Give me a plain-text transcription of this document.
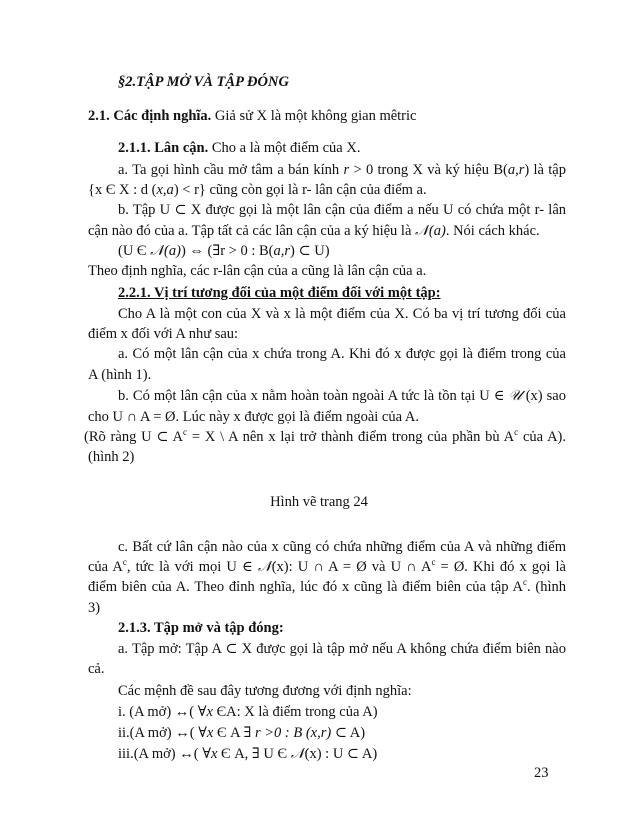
§2.TẬP MỞ VÀ TẬP ĐÓNG
2.1. Các định nghĩa. Giả sử X là một không gian mêtric
2.1.1. Lân cận. Cho a là một điểm của X.
a. Ta gọi hình cầu mở tâm a bán kính r > 0 trong X và ký hiệu B(a,r) là tập
{x Є X : d (x,a) < r} cũng còn gọi là r- lân cận của điểm a.
b. Tập U ⊂ X được gọi là một lân cận của điểm a nếu U có chứa một r- lân
cận nào đó của a. Tập tất cả các lân cận của a ký hiệu là 𝒩(a). Nói cách khác.
(U Є 𝒩(a)) ⇔ (∃r > 0 : B(a,r) ⊂ U)
Theo định nghĩa, các r-lân cận của a cũng là lân cận của a.
2.2.1. Vị trí tương đối của một điểm đối với một tập:
Cho A là một con của X và x là một điểm của X. Có ba vị trí tương đối của
điểm x đối với A như sau:
a. Có một lân cận của x chứa trong A. Khi đó x được gọi là điểm trong của
A (hình 1).
b. Có một lân cận của x nằm hoàn toàn ngoài A tức là tồn tại U ∈ 𝒰 (x) sao
cho U ∩ A = Ø. Lúc này x được gọi là điểm ngoài của A.
(Rõ ràng U ⊂ $A^c = X$ \ A nên x lại trở thành điểm trong của phần bù $A^c$ của A).
(hình 2)
Hình vẽ trang 24
c. Bất cứ lân cận nào của x cũng có chứa những điểm của A và những điểm
của $A^c$, tức là với mọi U ∈ 𝒩(x): U ∩ A = Ø và U ∩ $A^c$ = Ø. Khi đó x gọi là
điểm biên của A. Theo đỉnh nghĩa, lúc đó x cũng là điểm biên của tập $A^c$. (hình
3)
2.1.3. Tập mở và tập đóng:
a. Tập mở: Tập A ⊂ X được gọi là tập mở nếu A không chứa điểm biên nào
cả.
Các mệnh đề sau đây tương đương với định nghĩa:
i. (A mở) ↔( ∀x ЄA: X là điểm trong của A)
ii.(A mở) ↔( ∀x Є A ∃ r >0 : B (x,r) ⊂ A)
iii.(A mở) ↔( ∀x Є A, ∃ U Є 𝒩(x) : U ⊂ A)
23
